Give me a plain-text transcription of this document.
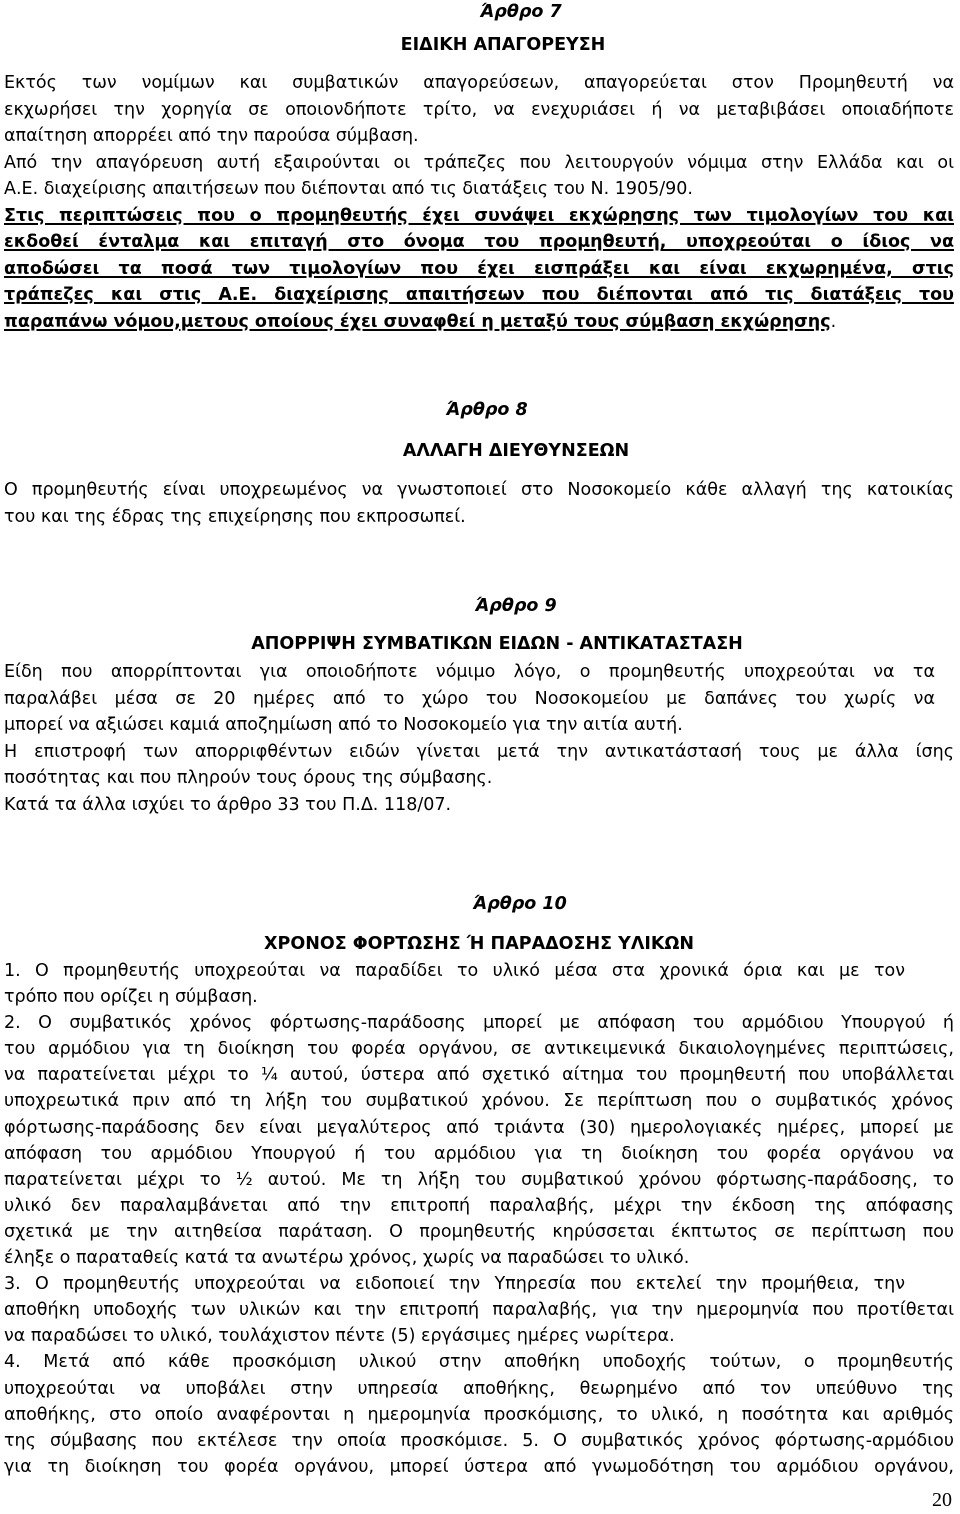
Άρθρο 7
ΕΙΔΙΚΗ ΑΠΑΓΟΡΕΥΣΗ
Εκτός των νομίμων και συμβατικών απαγορεύσεων, απαγορεύεται στον Προμηθευτή να
εκχωρήσει την χορηγία σε οποιονδήποτε τρίτο, να ενεχυριάσει ή να μεταβιβάσει οποιαδήποτε
απαίτηση απορρέει από την παρούσα σύμβαση.
Από την απαγόρευση αυτή εξαιρούνται οι τράπεζες που λειτουργούν νόμιμα στην Ελλάδα και οι
Α.Ε. διαχείρισης απαιτήσεων που διέπονται από τις διατάξεις του Ν. 1905/90.
Στις περιπτώσεις που ο προμηθευτής έχει συνάψει εκχώρησης των τιμολογίων του και
εκδοθεί ένταλμα και επιταγή στο όνομα του προμηθευτή, υποχρεούται ο ίδιος να
αποδώσει τα ποσά των τιμολογίων που έχει εισπράξει και είναι εκχωρημένα, στις
τράπεζες και στις Α.Ε. διαχείρισης απαιτήσεων που διέπονται από τις διατάξεις του
παραπάνω νόμου,μετους οποίους έχει συναφθεί η μεταξύ τους σύμβαση εκχώρησης.
Άρθρο 8
ΑΛΛΑΓΗ ΔΙΕΥΘΥΝΣΕΩΝ
Ο προμηθευτής είναι υποχρεωμένος να γνωστοποιεί στο Νοσοκομείο κάθε αλλαγή της κατοικίας
του και της έδρας της επιχείρησης που εκπροσωπεί.
Άρθρο 9
ΑΠΟΡΡΙΨΗ ΣΥΜΒΑΤΙΚΩΝ ΕΙΔΩΝ - ΑΝΤΙΚΑΤΑΣΤΑΣΗ
Είδη που απορρίπτονται για οποιοδήποτε νόμιμο λόγο, ο προμηθευτής υποχρεούται να τα
παραλάβει μέσα σε 20 ημέρες από το χώρο του Νοσοκομείου με δαπάνες του χωρίς να
μπορεί να αξιώσει καμιά αποζημίωση από το Νοσοκομείο για την αιτία αυτή.
Η επιστροφή των απορριφθέντων ειδών γίνεται μετά την αντικατάστασή τους με άλλα ίσης
ποσότητας και που πληρούν τους όρους της σύμβασης.
Κατά τα άλλα ισχύει το άρθρο 33 του Π.Δ. 118/07.
Άρθρο 10
ΧΡΟΝΟΣ ΦΟΡΤΩΣΗΣ Ή ΠΑΡΑΔΟΣΗΣ ΥΛΙΚΩΝ
1. Ο προμηθευτής υποχρεούται να παραδίδει το υλικό μέσα στα χρονικά όρια και με τον
τρόπο που ορίζει η σύμβαση.
2. Ο συμβατικός χρόνος φόρτωσης-παράδοσης μπορεί με απόφαση του αρμόδιου Υπουργού ή
του αρμόδιου για τη διοίκηση του φορέα οργάνου, σε αντικειμενικά δικαιολογημένες περιπτώσεις,
να παρατείνεται μέχρι το ¼ αυτού, ύστερα από σχετικό αίτημα του προμηθευτή που υποβάλλεται
υποχρεωτικά πριν από τη λήξη του συμβατικού χρόνου. Σε περίπτωση που ο συμβατικός χρόνος
φόρτωσης-παράδοσης δεν είναι μεγαλύτερος από τριάντα (30) ημερολογιακές ημέρες, μπορεί με
απόφαση του αρμόδιου Υπουργού ή του αρμόδιου για τη διοίκηση του φορέα οργάνου να
παρατείνεται μέχρι το ½ αυτού. Με τη λήξη του συμβατικού χρόνου φόρτωσης-παράδοσης, το
υλικό δεν παραλαμβάνεται από την επιτροπή παραλαβής, μέχρι την έκδοση της απόφασης
σχετικά με την αιτηθείσα παράταση. Ο προμηθευτής κηρύσσεται έκπτωτος σε περίπτωση που
έληξε ο παραταθείς κατά τα ανωτέρω χρόνος, χωρίς να παραδώσει το υλικό.
3. Ο προμηθευτής υποχρεούται να ειδοποιεί την Υπηρεσία που εκτελεί την προμήθεια, την
αποθήκη υποδοχής των υλικών και την επιτροπή παραλαβής, για την ημερομηνία που προτίθεται
να παραδώσει το υλικό, τουλάχιστον πέντε (5) εργάσιμες ημέρες νωρίτερα.
4. Μετά από κάθε προσκόμιση υλικού στην αποθήκη υποδοχής τούτων, ο προμηθευτής
υποχρεούται να υποβάλει στην υπηρεσία αποθήκης, θεωρημένο από τον υπεύθυνο της
αποθήκης, στο οποίο αναφέρονται η ημερομηνία προσκόμισης, το υλικό, η ποσότητα και αριθμός
της σύμβασης που εκτέλεσε την οποία προσκόμισε. 5. Ο συμβατικός χρόνος φόρτωσης-αρμόδιου
για τη διοίκηση του φορέα οργάνου, μπορεί ύστερα από γνωμοδότηση του αρμόδιου οργάνου,
20
